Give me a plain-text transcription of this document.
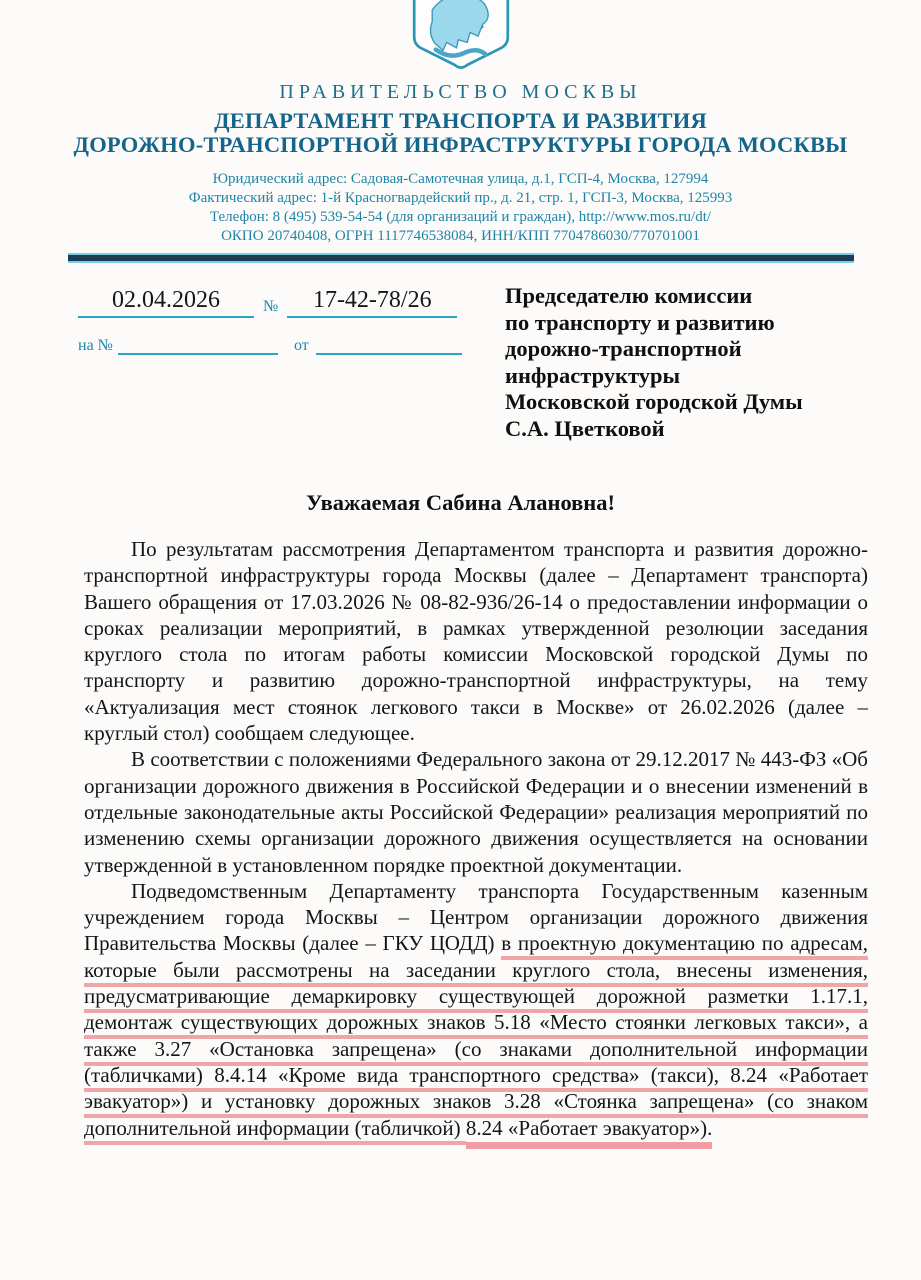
ПРАВИТЕЛЬСТВО МОСКВЫ
ДЕПАРТАМЕНТ ТРАНСПОРТА И РАЗВИТИЯ
ДОРОЖНО-ТРАНСПОРТНОЙ ИНФРАСТРУКТУРЫ ГОРОДА МОСКВЫ
Юридический адрес: Садовая-Самотечная улица, д.1, ГСП-4, Москва, 127994
Фактический адрес: 1-й Красногвардейский пр., д. 21, стр. 1, ГСП-3, Москва, 125993
Телефон: 8 (495) 539-54-54 (для организаций и граждан), http://www.mos.ru/dt/
ОКПО 20740408, ОГРН 1117746538084, ИНН/КПП 7704786030/770701001
02.04.2026	№	17-42-78/26
на №	от
Председателю комиссии
по транспорту и развитию
дорожно-транспортной
инфраструктуры
Московской городской Думы
С.А. Цветковой
Уважаемая Сабина Алановна!

По результатам рассмотрения Департаментом транспорта и развития дорожно-транспортной инфраструктуры города Москвы (далее – Департамент транспорта) Вашего обращения от 17.03.2026 № 08-82-936/26-14 о предоставлении информации о сроках реализации мероприятий, в рамках утвержденной резолюции заседания круглого стола по итогам работы комиссии Московской городской Думы по транспорту и развитию дорожно-транспортной инфраструктуры, на тему «Актуализация мест стоянок легкового такси в Москве» от 26.02.2026 (далее – круглый стол) сообщаем следующее.

В соответствии с положениями Федерального закона от 29.12.2017 № 443-ФЗ «Об организации дорожного движения в Российской Федерации и о внесении изменений в отдельные законодательные акты Российской Федерации» реализация мероприятий по изменению схемы организации дорожного движения осуществляется на основании утвержденной в установленном порядке проектной документации.

Подведомственным Департаменту транспорта Государственным казенным учреждением города Москвы – Центром организации дорожного движения Правительства Москвы (далее – ГКУ ЦОДД) в проектную документацию по адресам, которые были рассмотрены на заседании круглого стола, внесены изменения, предусматривающие демаркировку существующей дорожной разметки 1.17.1, демонтаж существующих дорожных знаков 5.18 «Место стоянки легковых такси», а также 3.27 «Остановка запрещена» (со знаками дополнительной информации (табличками) 8.4.14 «Кроме вида транспортного средства» (такси), 8.24 «Работает эвакуатор») и установку дорожных знаков 3.28 «Стоянка запрещена» (со знаком дополнительной информации (табличкой) 8.24 «Работает эвакуатор»).
